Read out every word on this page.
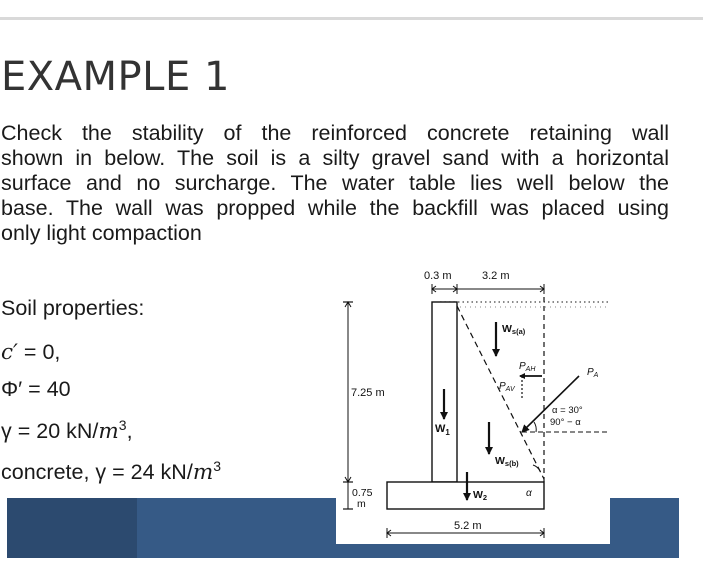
EXAMPLE 1
Check the stability of the reinforced concrete retaining wall
shown in below. The soil is a silty gravel sand with a horizontal
surface and no surcharge. The water table lies well below the
base. The wall was propped while the backfill was placed using
only light compaction
Soil properties:
c′ = 0,
Φ′ = 40
γ = 20 $kN/m^3$,
concrete, γ = 24 $kN/m^3$
0.3 m	3.2 m
7.25 m
0.75
m
5.2 m
$W_1$
Ws(a)
Ws(b)
W2
$P_{AH}$
$P_{AV}$
$P_A$
α = 30°
90° − α
α
